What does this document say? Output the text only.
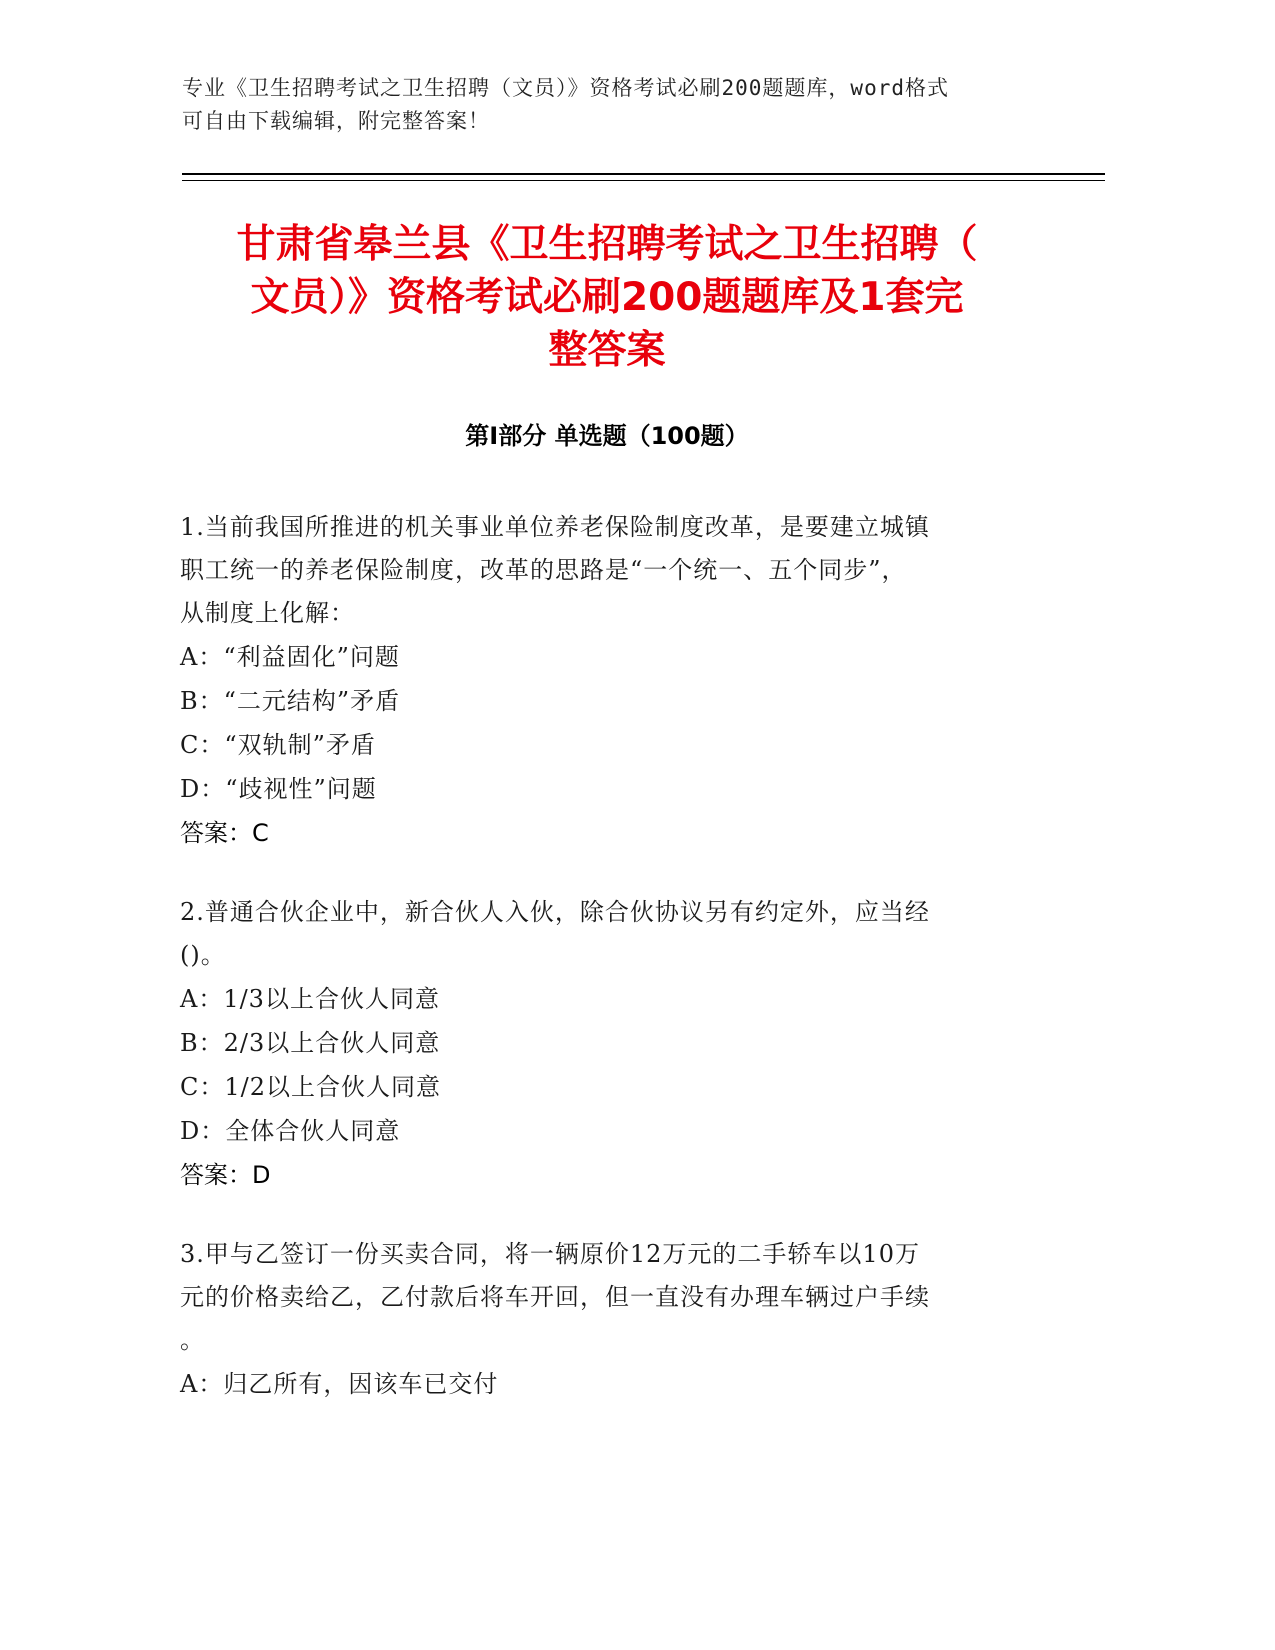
专业《卫生招聘考试之卫生招聘（文员）》资格考试必刷200题题库，word格式
可自由下载编辑，附完整答案！
甘肃省皋兰县《卫生招聘考试之卫生招聘（
文员）》资格考试必刷200题题库及1套完
整答案
第I部分 单选题（100题）

1.当前我国所推进的机关事业单位养老保险制度改革，是要建立城镇

职工统一的养老保险制度，改革的思路是“一个统一、五个同步”，

从制度上化解：

A：“利益固化”问题

B：“二元结构”矛盾

C：“双轨制”矛盾

D：“歧视性”问题

答案：C

2.普通合伙企业中，新合伙人入伙，除合伙协议另有约定外，应当经

()。

A：1/3以上合伙人同意

B：2/3以上合伙人同意

C：1/2以上合伙人同意

D：全体合伙人同意

答案：D

3.甲与乙签订一份买卖合同，将一辆原价12万元的二手轿车以10万

元的价格卖给乙，乙付款后将车开回，但一直没有办理车辆过户手续

。

A：归乙所有，因该车已交付
